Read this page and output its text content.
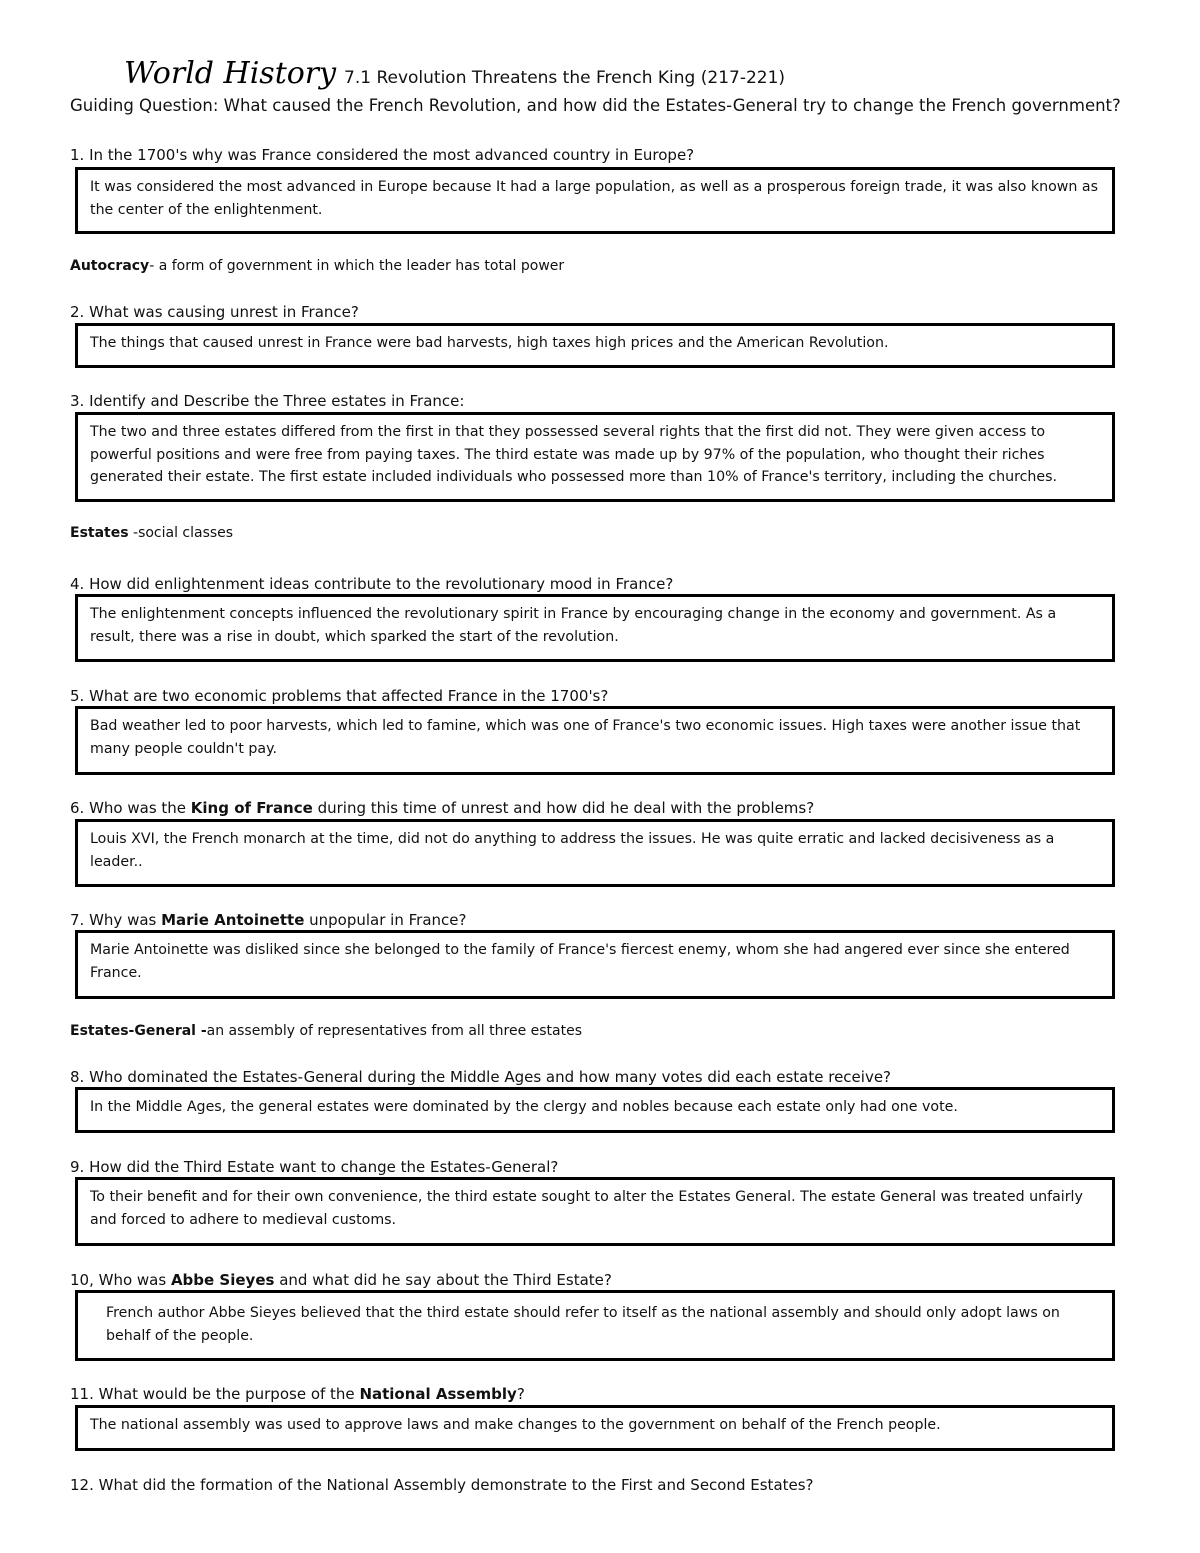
World History 7.1 Revolution Threatens the French King (217-221)
Guiding Question: What caused the French Revolution, and how did the Estates-General try to change the French government?
1. In the 1700's why was France considered the most advanced country in Europe?
It was considered the most advanced in Europe because It had a large population, as well as a prosperous foreign trade, it was also known as the center of the enlightenment.
Autocracy- a form of government in which the leader has total power
2. What was causing unrest in France?
The things that caused unrest in France were bad harvests, high taxes high prices and the American Revolution.
3. Identify and Describe the Three estates in France:
The two and three estates differed from the first in that they possessed several rights that the first did not. They were given access to powerful positions and were free from paying taxes. The third estate was made up by 97% of the population, who thought their riches generated their estate. The first estate included individuals who possessed more than 10% of France's territory, including the churches.
Estates -social classes
4. How did enlightenment ideas contribute to the revolutionary mood in France?
The enlightenment concepts influenced the revolutionary spirit in France by encouraging change in the economy and government. As a result, there was a rise in doubt, which sparked the start of the revolution.
5. What are two economic problems that affected France in the 1700's?
Bad weather led to poor harvests, which led to famine, which was one of France's two economic issues. High taxes were another issue that many people couldn't pay.
6. Who was the King of France during this time of unrest and how did he deal with the problems?
Louis XVI, the French monarch at the time, did not do anything to address the issues. He was quite erratic and lacked decisiveness as a leader..
7. Why was Marie Antoinette unpopular in France?
Marie Antoinette was disliked since she belonged to the family of France's fiercest enemy, whom she had angered ever since she entered France.
Estates-General -an assembly of representatives from all three estates
8. Who dominated the Estates-General during the Middle Ages and how many votes did each estate receive?
In the Middle Ages, the general estates were dominated by the clergy and nobles because each estate only had one vote.
9. How did the Third Estate want to change the Estates-General?
To their benefit and for their own convenience, the third estate sought to alter the Estates General. The estate General was treated unfairly and forced to adhere to medieval customs.
10, Who was Abbe Sieyes and what did he say about the Third Estate?
French author Abbe Sieyes believed that the third estate should refer to itself as the national assembly and should only adopt laws on behalf of the people.
11. What would be the purpose of the National Assembly?
The national assembly was used to approve laws and make changes to the government on behalf of the French people.
12. What did the formation of the National Assembly demonstrate to the First and Second Estates?
